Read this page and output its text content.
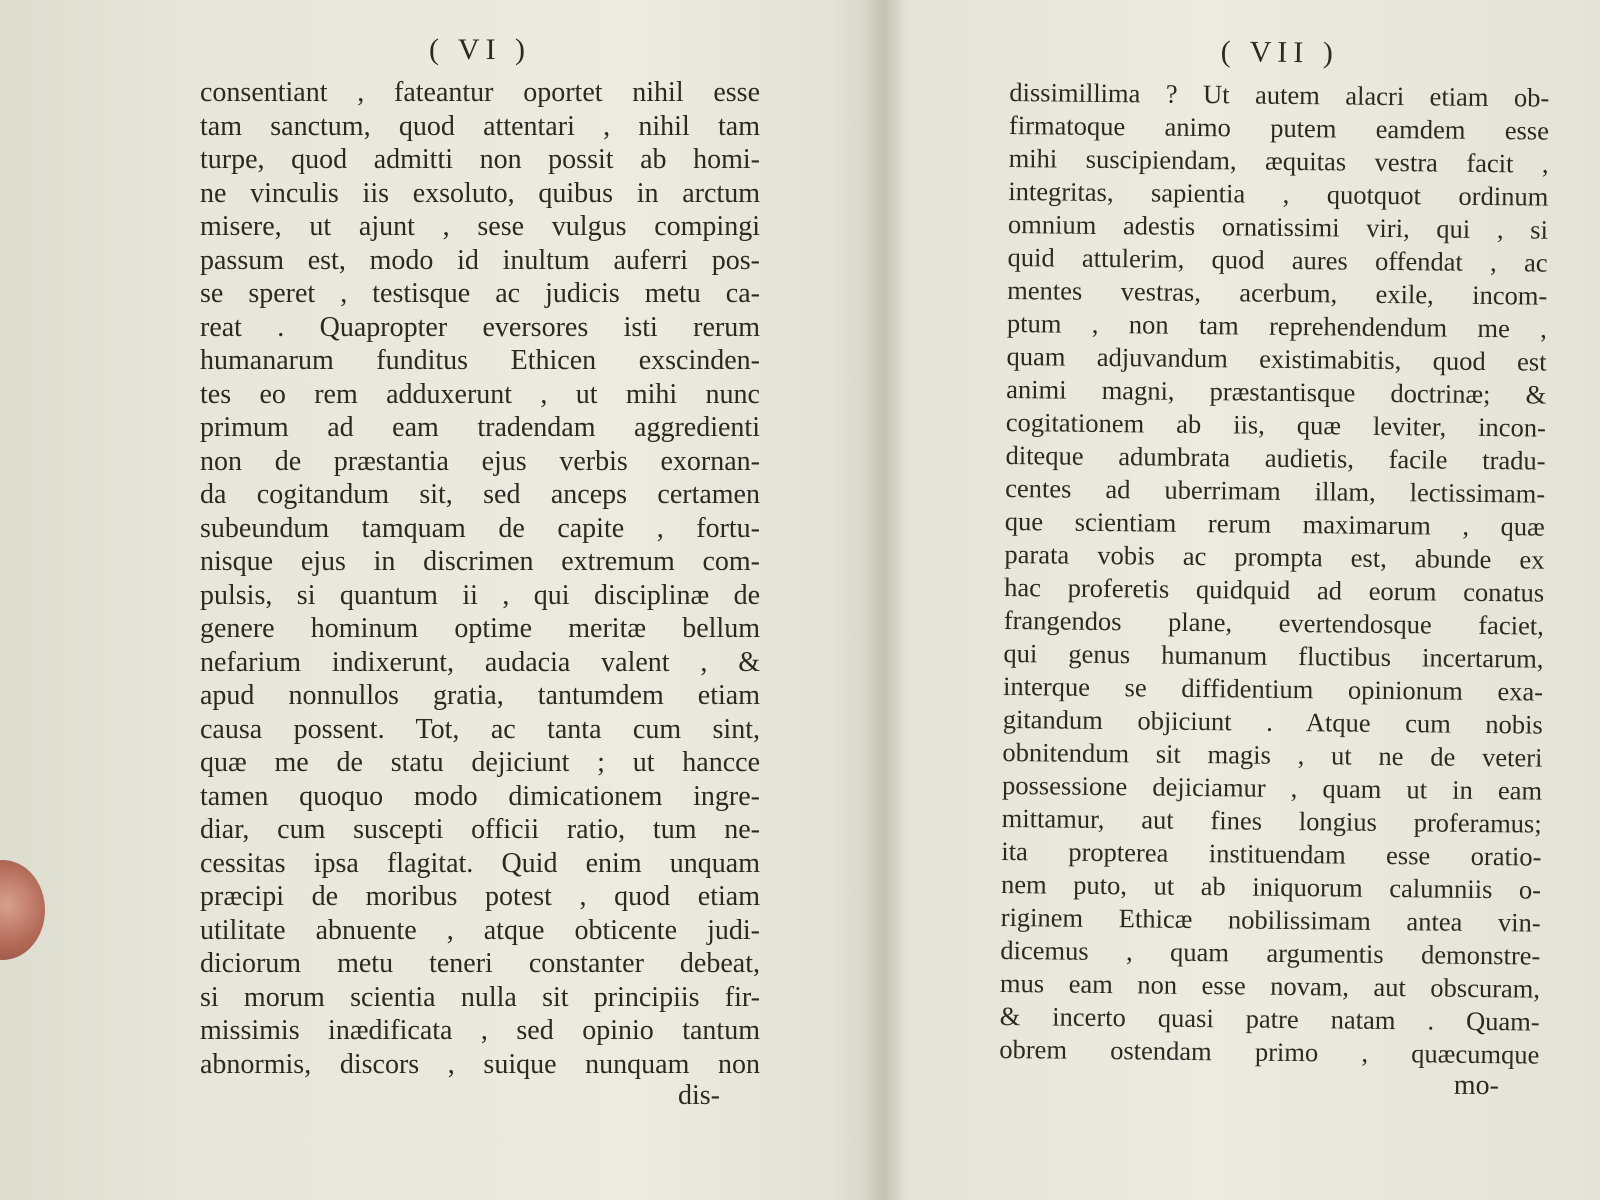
( VI )
consentiant , fateantur oportet nihil esse
tam sanctum, quod attentari , nihil tam
turpe, quod admitti non possit ab homi-
ne vinculis iis exsoluto, quibus in arctum
misere, ut ajunt , sese vulgus compingi
passum est, modo id inultum auferri pos-
se speret , testisque ac judicis metu ca-
reat . Quapropter eversores isti rerum
humanarum funditus Ethicen exscinden-
tes eo rem adduxerunt , ut mihi nunc
primum ad eam tradendam aggredienti
non de præstantia ejus verbis exornan-
da cogitandum sit, sed anceps certamen
subeundum tamquam de capite , fortu-
nisque ejus in discrimen extremum com-
pulsis, si quantum ii , qui disciplinæ de
genere hominum optime meritæ bellum
nefarium indixerunt, audacia valent , &
apud nonnullos gratia, tantumdem etiam
causa possent. Tot, ac tanta cum sint,
quæ me de statu dejiciunt ; ut hancce
tamen quoquo modo dimicationem ingre-
diar, cum suscepti officii ratio, tum ne-
cessitas ipsa flagitat. Quid enim unquam
præcipi de moribus potest , quod etiam
utilitate abnuente , atque obticente judi-
diciorum metu teneri constanter debeat,
si morum scientia nulla sit principiis fir-
missimis inædificata , sed opinio tantum
abnormis, discors , suique nunquam non
dis-
( VII )
dissimillima ? Ut autem alacri etiam ob-
firmatoque animo putem eamdem esse
mihi suscipiendam, æquitas vestra facit ,
integritas, sapientia , quotquot ordinum
omnium adestis ornatissimi viri, qui , si
quid attulerim, quod aures offendat , ac
mentes vestras, acerbum, exile, incom-
ptum , non tam reprehendendum me ,
quam adjuvandum existimabitis, quod est
animi magni, præstantisque doctrinæ; &
cogitationem ab iis, quæ leviter, incon-
diteque adumbrata audietis, facile tradu-
centes ad uberrimam illam, lectissimam-
que scientiam rerum maximarum , quæ
parata vobis ac prompta est, abunde ex
hac proferetis quidquid ad eorum conatus
frangendos plane, evertendosque faciet,
qui genus humanum fluctibus incertarum,
interque se diffidentium opinionum exa-
gitandum objiciunt . Atque cum nobis
obnitendum sit magis , ut ne de veteri
possessione dejiciamur , quam ut in eam
mittamur, aut fines longius proferamus;
ita propterea instituendam esse oratio-
nem puto, ut ab iniquorum calumniis o-
riginem Ethicæ nobilissimam antea vin-
dicemus , quam argumentis demonstre-
mus eam non esse novam, aut obscuram,
& incerto quasi patre natam . Quam-
obrem ostendam primo , quæcumque
mo-
